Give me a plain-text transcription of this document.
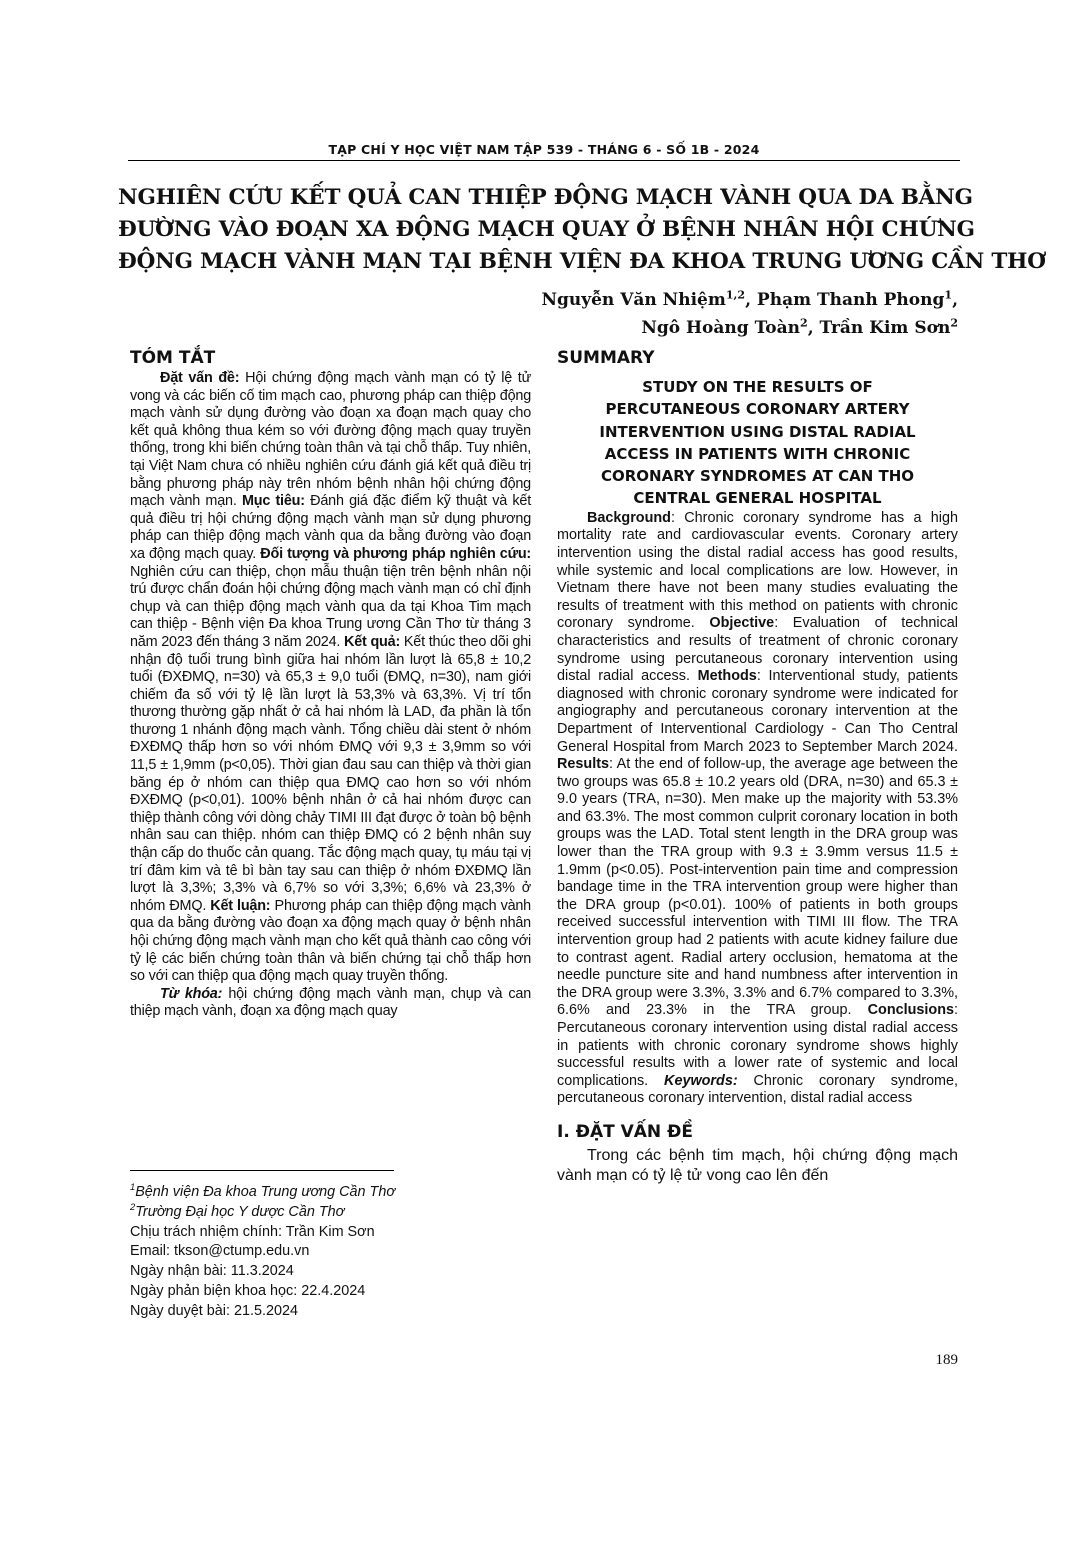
TẠP CHÍ Y HỌC VIỆT NAM TẬP 539 - THÁNG 6 - SỐ 1B - 2024
NGHIÊN CỨU KẾT QUẢ CAN THIỆP ĐỘNG MẠCH VÀNH QUA DA BẰNG
ĐƯỜNG VÀO ĐOẠN XA ĐỘNG MẠCH QUAY Ở BỆNH NHÂN HỘI CHỨNG
ĐỘNG MẠCH VÀNH MẠN TẠI BỆNH VIỆN ĐA KHOA TRUNG ƯƠNG CẦN THƠ
Nguyễn Văn Nhiệm$^{1,2}$, Phạm Thanh Phong$^1$,
Ngô Hoàng Toàn$^2$, Trần Kim Sơn$^2$
TÓM TẮT

Đặt vấn đề: Hội chứng động mạch vành mạn có tỷ lệ tử vong và các biến cố tim mạch cao, phương pháp can thiệp động mạch vành sử dụng đường vào đoạn xa đoạn mạch quay cho kết quả không thua kém so với đường động mạch quay truyền thống, trong khi biến chứng toàn thân và tại chỗ thấp. Tuy nhiên, tại Việt Nam chưa có nhiều nghiên cứu đánh giá kết quả điều trị bằng phương pháp này trên nhóm bệnh nhân hội chứng động mạch vành mạn. Mục tiêu: Đánh giá đặc điểm kỹ thuật và kết quả điều trị hội chứng động mạch vành mạn sử dụng phương pháp can thiệp động mạch vành qua da bằng đường vào đoạn xa động mạch quay. Đối tượng và phương pháp nghiên cứu: Nghiên cứu can thiệp, chọn mẫu thuận tiện trên bệnh nhân nội trú được chẩn đoán hội chứng động mạch vành mạn có chỉ định chụp và can thiệp động mạch vành qua da tại Khoa Tim mạch can thiệp - Bệnh viện Đa khoa Trung ương Cần Thơ từ tháng 3 năm 2023 đến tháng 3 năm 2024. Kết quả: Kết thúc theo dõi ghi nhận độ tuổi trung bình giữa hai nhóm lần lượt là 65,8 ± 10,2 tuổi (ĐXĐMQ, n=30) và 65,3 ± 9,0 tuổi (ĐMQ, n=30), nam giới chiếm đa số với tỷ lệ lần lượt là 53,3% và 63,3%. Vị trí tổn thương thường gặp nhất ở cả hai nhóm là LAD, đa phần là tổn thương 1 nhánh động mạch vành. Tổng chiều dài stent ở nhóm ĐXĐMQ thấp hơn so với nhóm ĐMQ với 9,3 ± 3,9mm so với 11,5 ± 1,9mm (p<0,05). Thời gian đau sau can thiệp và thời gian băng ép ở nhóm can thiệp qua ĐMQ cao hơn so với nhóm ĐXĐMQ (p<0,01). 100% bệnh nhân ở cả hai nhóm được can thiệp thành công với dòng chảy TIMI III đạt được ở toàn bộ bệnh nhân sau can thiệp. nhóm can thiệp ĐMQ có 2 bệnh nhân suy thận cấp do thuốc cản quang. Tắc động mạch quay, tụ máu tại vị trí đâm kim và tê bì bàn tay sau can thiệp ở nhóm ĐXĐMQ lần lượt là 3,3%; 3,3% và 6,7% so với 3,3%; 6,6% và 23,3% ở nhóm ĐMQ. Kết luận: Phương pháp can thiệp động mạch vành qua da bằng đường vào đoạn xa động mạch quay ở bệnh nhân hội chứng động mạch vành mạn cho kết quả thành cao công với tỷ lệ các biến chứng toàn thân và biến chứng tại chỗ thấp hơn so với can thiệp qua động mạch quay truyền thống.

Từ khóa: hội chứng động mạch vành mạn, chụp và can thiệp mạch vành, đoạn xa động mạch quay

$^1$Bệnh viện Đa khoa Trung ương Cần Thơ
$^2$Trường Đại học Y dược Cần Thơ
Chịu trách nhiệm chính: Trần Kim Sơn
Email: tkson@ctump.edu.vn
Ngày nhận bài: 11.3.2024
Ngày phản biện khoa học: 22.4.2024
Ngày duyệt bài: 21.5.2024
SUMMARY
STUDY ON THE RESULTS OF
PERCUTANEOUS CORONARY ARTERY
INTERVENTION USING DISTAL RADIAL
ACCESS IN PATIENTS WITH CHRONIC
CORONARY SYNDROMES AT CAN THO
CENTRAL GENERAL HOSPITAL

Background: Chronic coronary syndrome has a high mortality rate and cardiovascular events. Coronary artery intervention using the distal radial access has good results, while systemic and local complications are low. However, in Vietnam there have not been many studies evaluating the results of treatment with this method on patients with chronic coronary syndrome. Objective: Evaluation of technical characteristics and results of treatment of chronic coronary syndrome using percutaneous coronary intervention using distal radial access. Methods: Interventional study, patients diagnosed with chronic coronary syndrome were indicated for angiography and percutaneous coronary intervention at the Department of Interventional Cardiology - Can Tho Central General Hospital from March 2023 to September March 2024. Results: At the end of follow-up, the average age between the two groups was 65.8 ± 10.2 years old (DRA, n=30) and 65.3 ± 9.0 years (TRA, n=30). Men make up the majority with 53.3% and 63.3%. The most common culprit coronary location in both groups was the LAD. Total stent length in the DRA group was lower than the TRA group with 9.3 ± 3.9mm versus 11.5 ± 1.9mm (p<0.05). Post-intervention pain time and compression bandage time in the TRA intervention group were higher than the DRA group (p<0.01). 100% of patients in both groups received successful intervention with TIMI III flow. The TRA intervention group had 2 patients with acute kidney failure due to contrast agent. Radial artery occlusion, hematoma at the needle puncture site and hand numbness after intervention in the DRA group were 3.3%, 3.3% and 6.7% compared to 3.3%, 6.6% and 23.3% in the TRA group. Conclusions: Percutaneous coronary intervention using distal radial access in patients with chronic coronary syndrome shows highly successful results with a lower rate of systemic and local complications. Keywords: Chronic coronary syndrome, percutaneous coronary intervention, distal radial access

I. ĐẶT VẤN ĐỀ

Trong các bệnh tim mạch, hội chứng động mạch vành mạn có tỷ lệ tử vong cao lên đến

189
